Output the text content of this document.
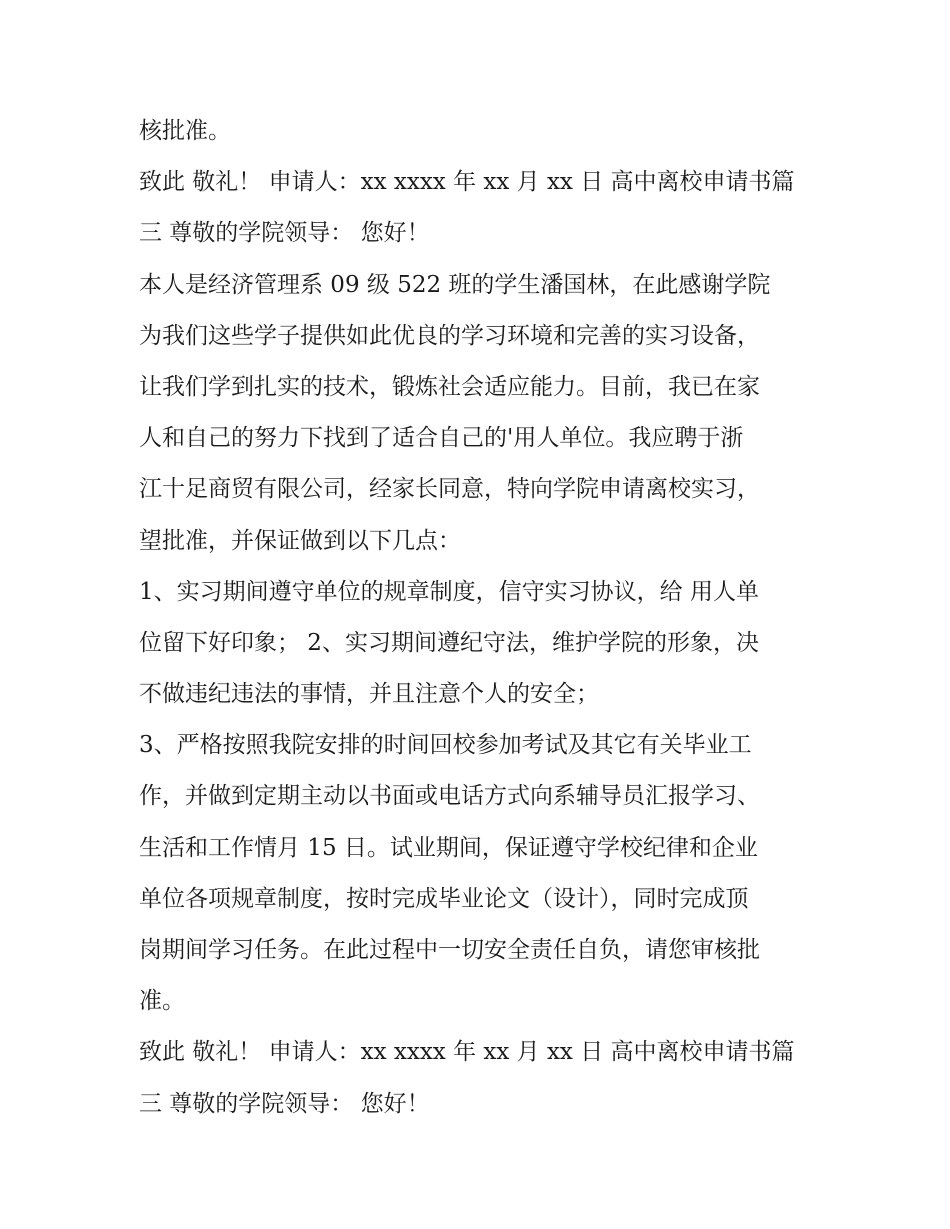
核批准。
致此 敬礼！ 申请人：xx xxxx 年 xx 月 xx 日 高中离校申请书篇
三 尊敬的学院领导： 您好！
本人是经济管理系 09 级 522 班的学生潘国林，在此感谢学院
为我们这些学子提供如此优良的学习环境和完善的实习设备，
让我们学到扎实的技术，锻炼社会适应能力。目前，我已在家
人和自己的努力下找到了适合自己的'用人单位。我应聘于浙
江十足商贸有限公司，经家长同意，特向学院申请离校实习，
望批准，并保证做到以下几点：
1、实习期间遵守单位的规章制度，信守实习协议，给 用人单
位留下好印象； 2、实习期间遵纪守法，维护学院的形象，决
不做违纪违法的事情，并且注意个人的安全；
3、严格按照我院安排的时间回校参加考试及其它有关毕业工
作，并做到定期主动以书面或电话方式向系辅导员汇报学习、
生活和工作情月 15 日。试业期间，保证遵守学校纪律和企业
单位各项规章制度，按时完成毕业论文（设计），同时完成顶
岗期间学习任务。在此过程中一切安全责任自负，请您审核批
准。
致此 敬礼！ 申请人：xx xxxx 年 xx 月 xx 日 高中离校申请书篇
三 尊敬的学院领导： 您好！
